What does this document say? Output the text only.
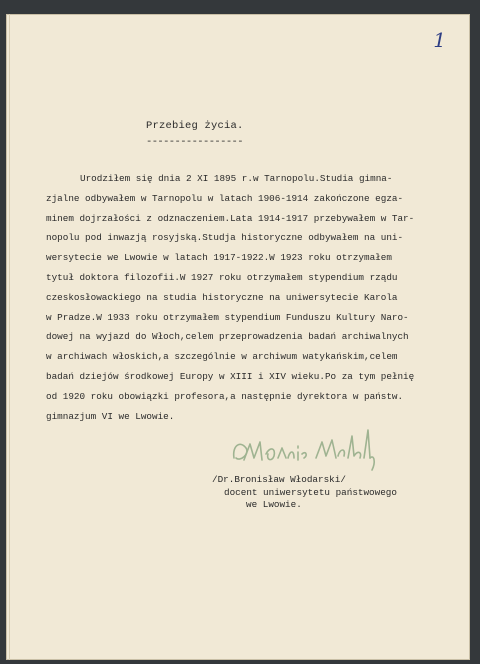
1
Przebieg życia.
-----------------
Urodziłem się dnia 2 XI 1895 r.w Tarnopolu.Studia gimna-
zjalne odbywałem w Tarnopolu w latach 1906-1914 zakończone egza-
minem dojrzałości z odznaczeniem.Lata 1914-1917 przebywałem w Tar-
nopolu pod inwazją rosyjską.Studja historyczne odbywałem na uni-
wersytecie we Lwowie w latach 1917-1922.W 1923 roku otrzymałem
tytuł doktora filozofii.W 1927 roku otrzymałem stypendium rządu
czeskosłowackiego na studia historyczne na uniwersytecie Karola
w Pradze.W 1933 roku otrzymałem stypendium Funduszu Kultury Naro-
dowej na wyjazd do Włoch,celem przeprowadzenia badań archiwalnych
w archiwach włoskich,a szczególnie w archiwum watykańskim,celem
badań dziejów środkowej Europy w XIII i XIV wieku.Po za tym pełnię
od 1920 roku obowiązki profesora,a następnie dyrektora w państw.
gimnazjum VI we Lwowie.
/Dr.Bronisław Włodarski/
docent uniwersytetu państwowego
we Lwowie.
